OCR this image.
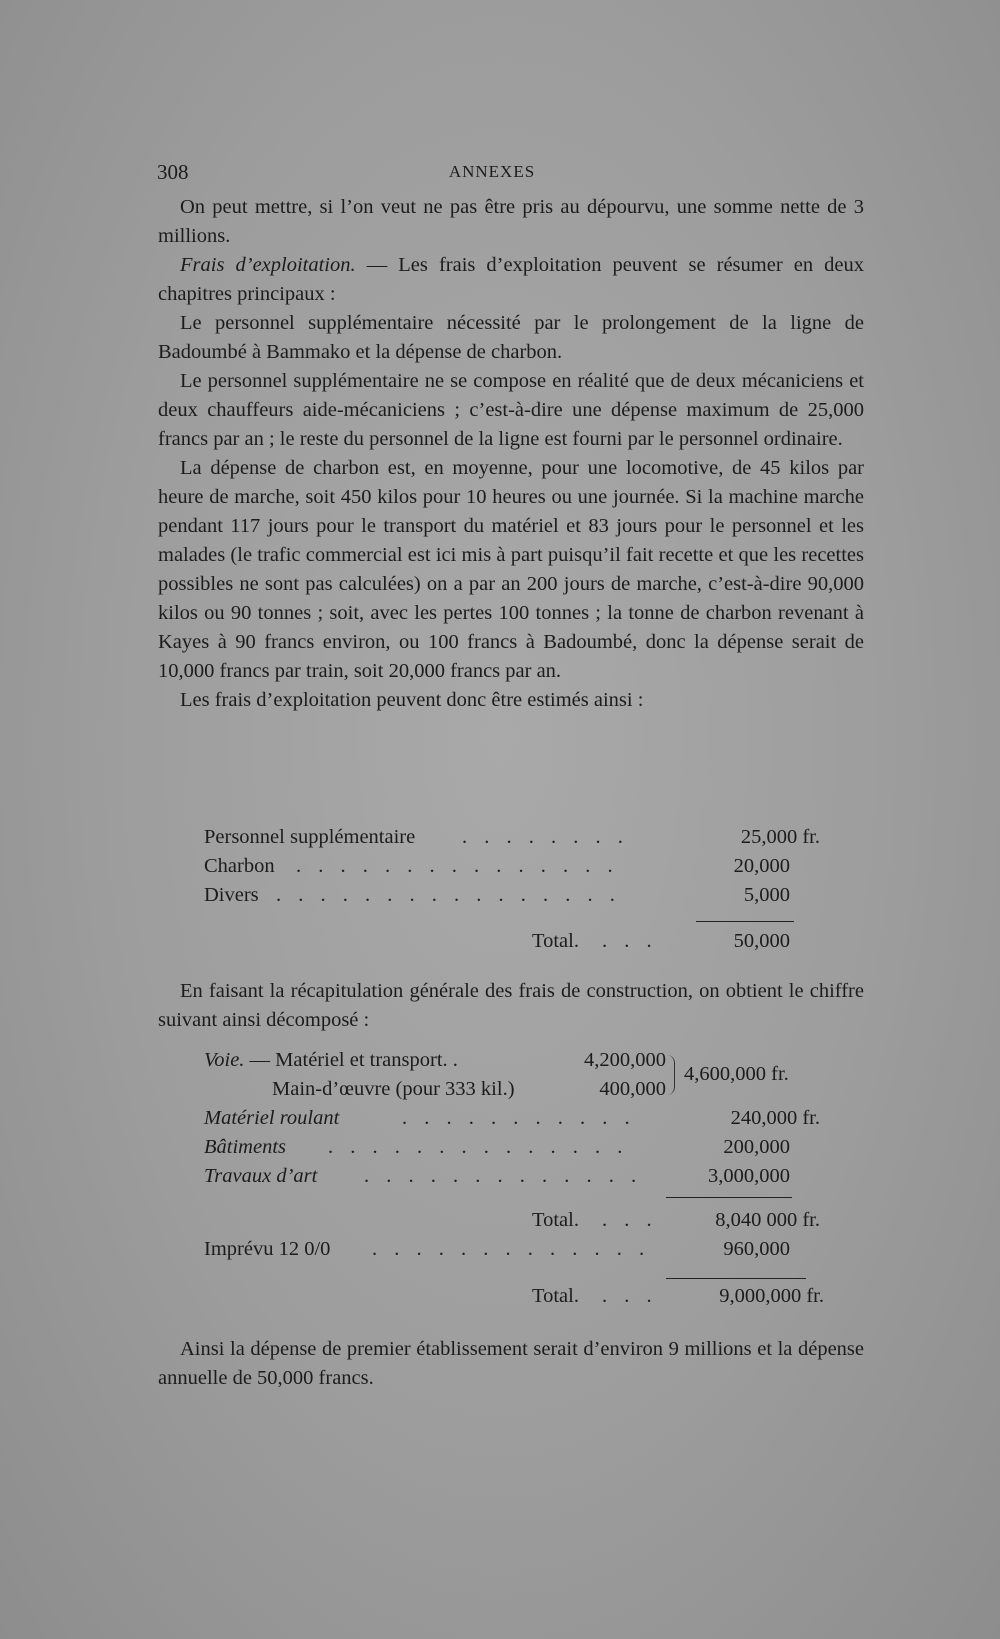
308	ANNEXES

On peut mettre, si l’on veut ne pas être pris au dépourvu, une somme nette de 3 millions.

Frais d’exploitation. — Les frais d’exploitation peuvent se résumer en deux chapitres principaux :

Le personnel supplémentaire nécessité par le prolongement de la ligne de Badoumbé à Bammako et la dépense de charbon.

Le personnel supplémentaire ne se compose en réalité que de deux mécaniciens et deux chauffeurs aide-mécaniciens ; c’est-à-dire une dépense maximum de 25,000 francs par an ; le reste du personnel de la ligne est fourni par le personnel ordinaire.

La dépense de charbon est, en moyenne, pour une locomotive, de 45 kilos par heure de marche, soit 450 kilos pour 10 heures ou une journée. Si la machine marche pendant 117 jours pour le transport du matériel et 83 jours pour le personnel et les malades (le trafic commercial est ici mis à part puisqu’il fait recette et que les recettes possibles ne sont pas calculées) on a par an 200 jours de marche, c’est-à-dire 90,000 kilos ou 90 tonnes ; soit, avec les pertes 100 tonnes ; la tonne de charbon revenant à Kayes à 90 francs environ, ou 100 francs à Badoumbé, donc la dépense serait de 10,000 francs par train, soit 20,000 francs par an.

Les frais d’exploitation peuvent donc être estimés ainsi :

Personnel supplémentaire . . . . . . . .	25,000 fr.
Charbon . . . . . . . . . . . . . . .	20,000
Divers . . . . . . . . . . . . . . . .	5,000
Total. . . .	50,000

En faisant la récapitulation générale des frais de construction, on obtient le chiffre suivant ainsi décomposé :

Voie. — Matériel et transport. .	4,200,000
Main-d’œuvre (pour 333 kil.)	400,000
4,600,000 fr.
Matériel roulant	. . . . . . . . . . .	240,000 fr.
Bâtiments . . . . . . . . . . . . . .	200,000
Travaux d’art . . . . . . . . . . . . .	3,000,000
Total. . . .	8,040 000 fr.
Imprévu 12 0/0 . . . . . . . . . . . . .	960,000
Total. . . .	9,000,000 fr.

Ainsi la dépense de premier établissement serait d’environ 9 millions et la dépense annuelle de 50,000 francs.
